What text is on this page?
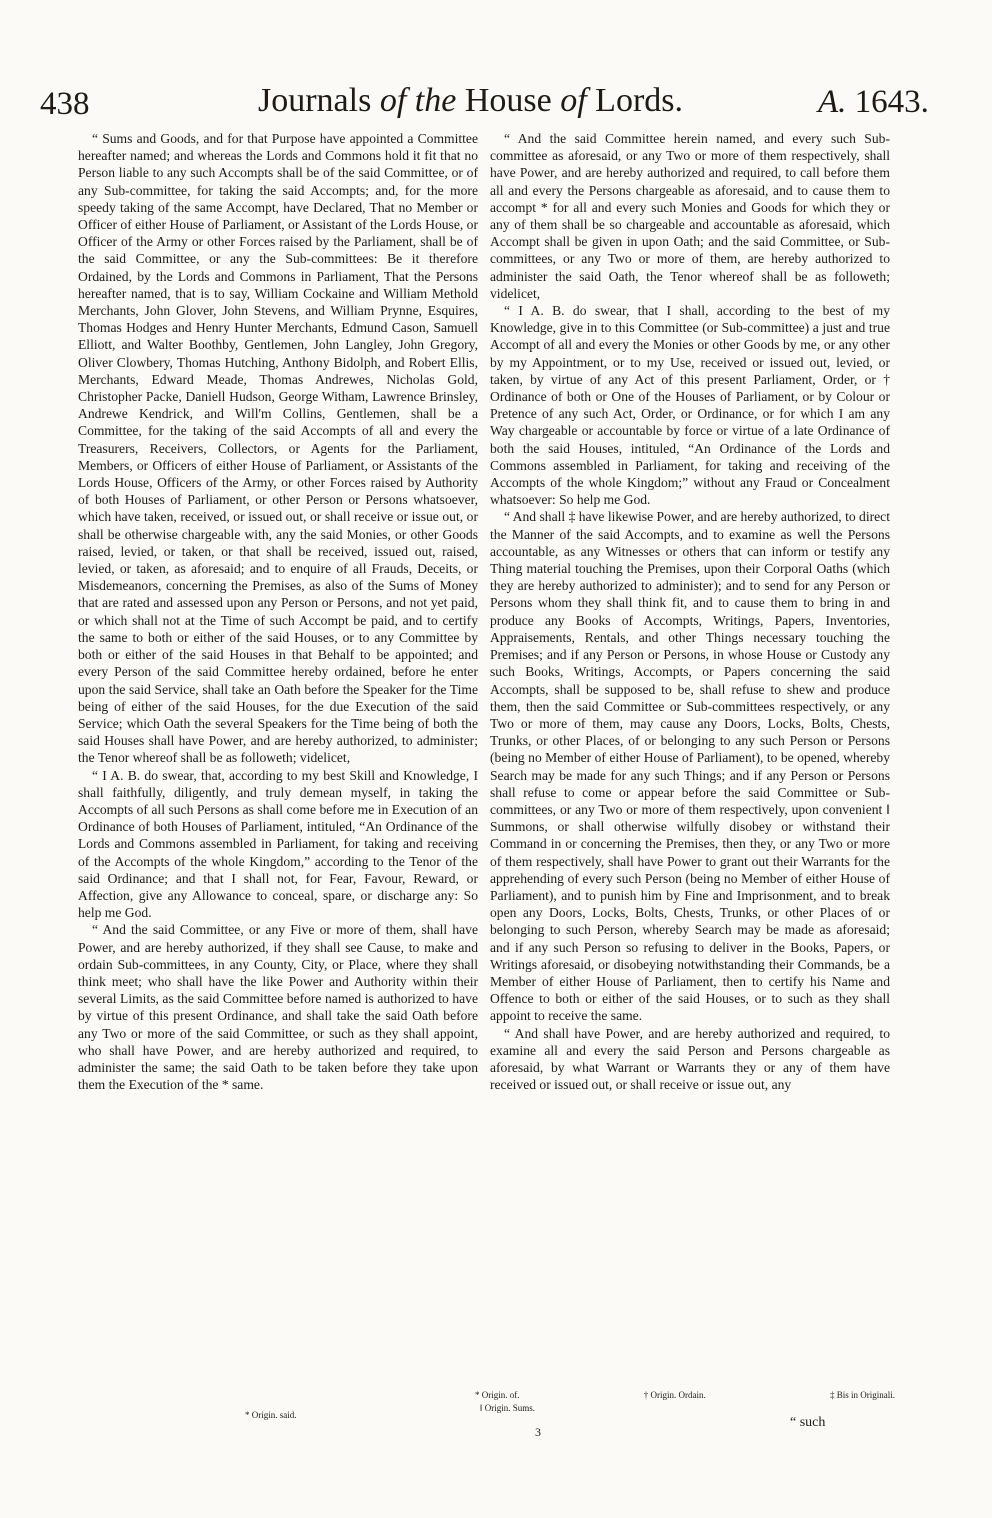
438	Journals of the House of Lords.	A. 1643.

“ Sums and Goods, and for that Purpose have appointed a Committee hereafter named; and whereas the Lords and Commons hold it fit that no Person liable to any such Accompts shall be of the said Committee, or of any Sub-committee, for taking the said Accompts; and, for the more speedy taking of the same Accompt, have Declared, That no Member or Officer of either House of Parliament, or Assistant of the Lords House, or Officer of the Army or other Forces raised by the Parliament, shall be of the said Committee, or any the Sub-committees: Be it therefore Ordained, by the Lords and Commons in Parliament, That the Persons hereafter named, that is to say, William Cockaine and William Methold Merchants, John Glover, John Stevens, and William Prynne, Esquires, Thomas Hodges and Henry Hunter Merchants, Edmund Cason, Samuell Elliott, and Walter Boothby, Gentlemen, John Langley, John Gregory, Oliver Clowbery, Thomas Hutching, Anthony Bidolph, and Robert Ellis, Merchants, Edward Meade, Thomas Andrewes, Nicholas Gold, Christopher Packe, Daniell Hudson, George Witham, Lawrence Brinsley, Andrewe Kendrick, and Will'm Collins, Gentlemen, shall be a Committee, for the taking of the said Accompts of all and every the Treasurers, Receivers, Collectors, or Agents for the Parliament, Members, or Officers of either House of Parliament, or Assistants of the Lords House, Officers of the Army, or other Forces raised by Authority of both Houses of Parliament, or other Person or Persons whatsoever, which have taken, received, or issued out, or shall receive or issue out, or shall be otherwise chargeable with, any the said Monies, or other Goods raised, levied, or taken, or that shall be received, issued out, raised, levied, or taken, as aforesaid; and to enquire of all Frauds, Deceits, or Misdemeanors, concerning the Premises, as also of the Sums of Money that are rated and assessed upon any Person or Persons, and not yet paid, or which shall not at the Time of such Accompt be paid, and to certify the same to both or either of the said Houses, or to any Committee by both or either of the said Houses in that Behalf to be appointed; and every Person of the said Committee hereby ordained, before he enter upon the said Service, shall take an Oath before the Speaker for the Time being of either of the said Houses, for the due Execution of the said Service; which Oath the several Speakers for the Time being of both the said Houses shall have Power, and are hereby authorized, to administer; the Tenor whereof shall be as followeth; videlicet,

“ I A. B. do swear, that, according to my best Skill and Knowledge, I shall faithfully, diligently, and truly demean myself, in taking the Accompts of all such Persons as shall come before me in Execution of an Ordinance of both Houses of Parliament, intituled, “An Ordinance of the Lords and Commons assembled in Parliament, for taking and receiving of the Accompts of the whole Kingdom,” according to the Tenor of the said Ordinance; and that I shall not, for Fear, Favour, Reward, or Affection, give any Allowance to conceal, spare, or discharge any: So help me God.

“ And the said Committee, or any Five or more of them, shall have Power, and are hereby authorized, if they shall see Cause, to make and ordain Sub-committees, in any County, City, or Place, where they shall think meet; who shall have the like Power and Authority within their several Limits, as the said Committee before named is authorized to have by virtue of this present Ordinance, and shall take the said Oath before any Two or more of the said Committee, or such as they shall appoint, who shall have Power, and are hereby authorized and required, to administer the same; the said Oath to be taken before they take upon them the Execution of the * same.

“ And the said Committee herein named, and every such Sub-committee as aforesaid, or any Two or more of them respectively, shall have Power, and are hereby authorized and required, to call before them all and every the Persons chargeable as aforesaid, and to cause them to accompt * for all and every such Monies and Goods for which they or any of them shall be so chargeable and accountable as aforesaid, which Accompt shall be given in upon Oath; and the said Committee, or Sub-committees, or any Two or more of them, are hereby authorized to administer the said Oath, the Tenor whereof shall be as followeth; videlicet,

“ I A. B. do swear, that I shall, according to the best of my Knowledge, give in to this Committee (or Sub-committee) a just and true Accompt of all and every the Monies or other Goods by me, or any other by my Appointment, or to my Use, received or issued out, levied, or taken, by virtue of any Act of this present Parliament, Order, or † Ordinance of both or One of the Houses of Parliament, or by Colour or Pretence of any such Act, Order, or Ordinance, or for which I am any Way chargeable or accountable by force or virtue of a late Ordinance of both the said Houses, intituled, “An Ordinance of the Lords and Commons assembled in Parliament, for taking and receiving of the Accompts of the whole Kingdom;” without any Fraud or Concealment whatsoever: So help me God.

“ And shall ‡ have likewise Power, and are hereby authorized, to direct the Manner of the said Accompts, and to examine as well the Persons accountable, as any Witnesses or others that can inform or testify any Thing material touching the Premises, upon their Corporal Oaths (which they are hereby authorized to administer); and to send for any Person or Persons whom they shall think fit, and to cause them to bring in and produce any Books of Accompts, Writings, Papers, Inventories, Appraisements, Rentals, and other Things necessary touching the Premises; and if any Person or Persons, in whose House or Custody any such Books, Writings, Accompts, or Papers concerning the said Accompts, shall be supposed to be, shall refuse to shew and produce them, then the said Committee or Sub-committees respectively, or any Two or more of them, may cause any Doors, Locks, Bolts, Chests, Trunks, or other Places, of or belonging to any such Person or Persons (being no Member of either House of Parliament), to be opened, whereby Search may be made for any such Things; and if any Person or Persons shall refuse to come or appear before the said Committee or Sub-committees, or any Two or more of them respectively, upon convenient ‖ Summons, or shall otherwise wilfully disobey or withstand their Command in or concerning the Premises, then they, or any Two or more of them respectively, shall have Power to grant out their Warrants for the apprehending of every such Person (being no Member of either House of Parliament), and to punish him by Fine and Imprisonment, and to break open any Doors, Locks, Bolts, Chests, Trunks, or other Places of or belonging to such Person, whereby Search may be made as aforesaid; and if any such Person so refusing to deliver in the Books, Papers, or Writings aforesaid, or disobeying notwithstanding their Commands, be a Member of either House of Parliament, then to certify his Name and Offence to both or either of the said Houses, or to such as they shall appoint to receive the same.

“ And shall have Power, and are hereby authorized and required, to examine all and every the said Person and Persons chargeable as aforesaid, by what Warrant or Warrants they or any of them have received or issued out, or shall receive or issue out, any

* Origin. said.
* Origin. of.	† Origin. Ordain.	‡ Bis in Originali.
‖ Origin. Sums.
3
“ such
